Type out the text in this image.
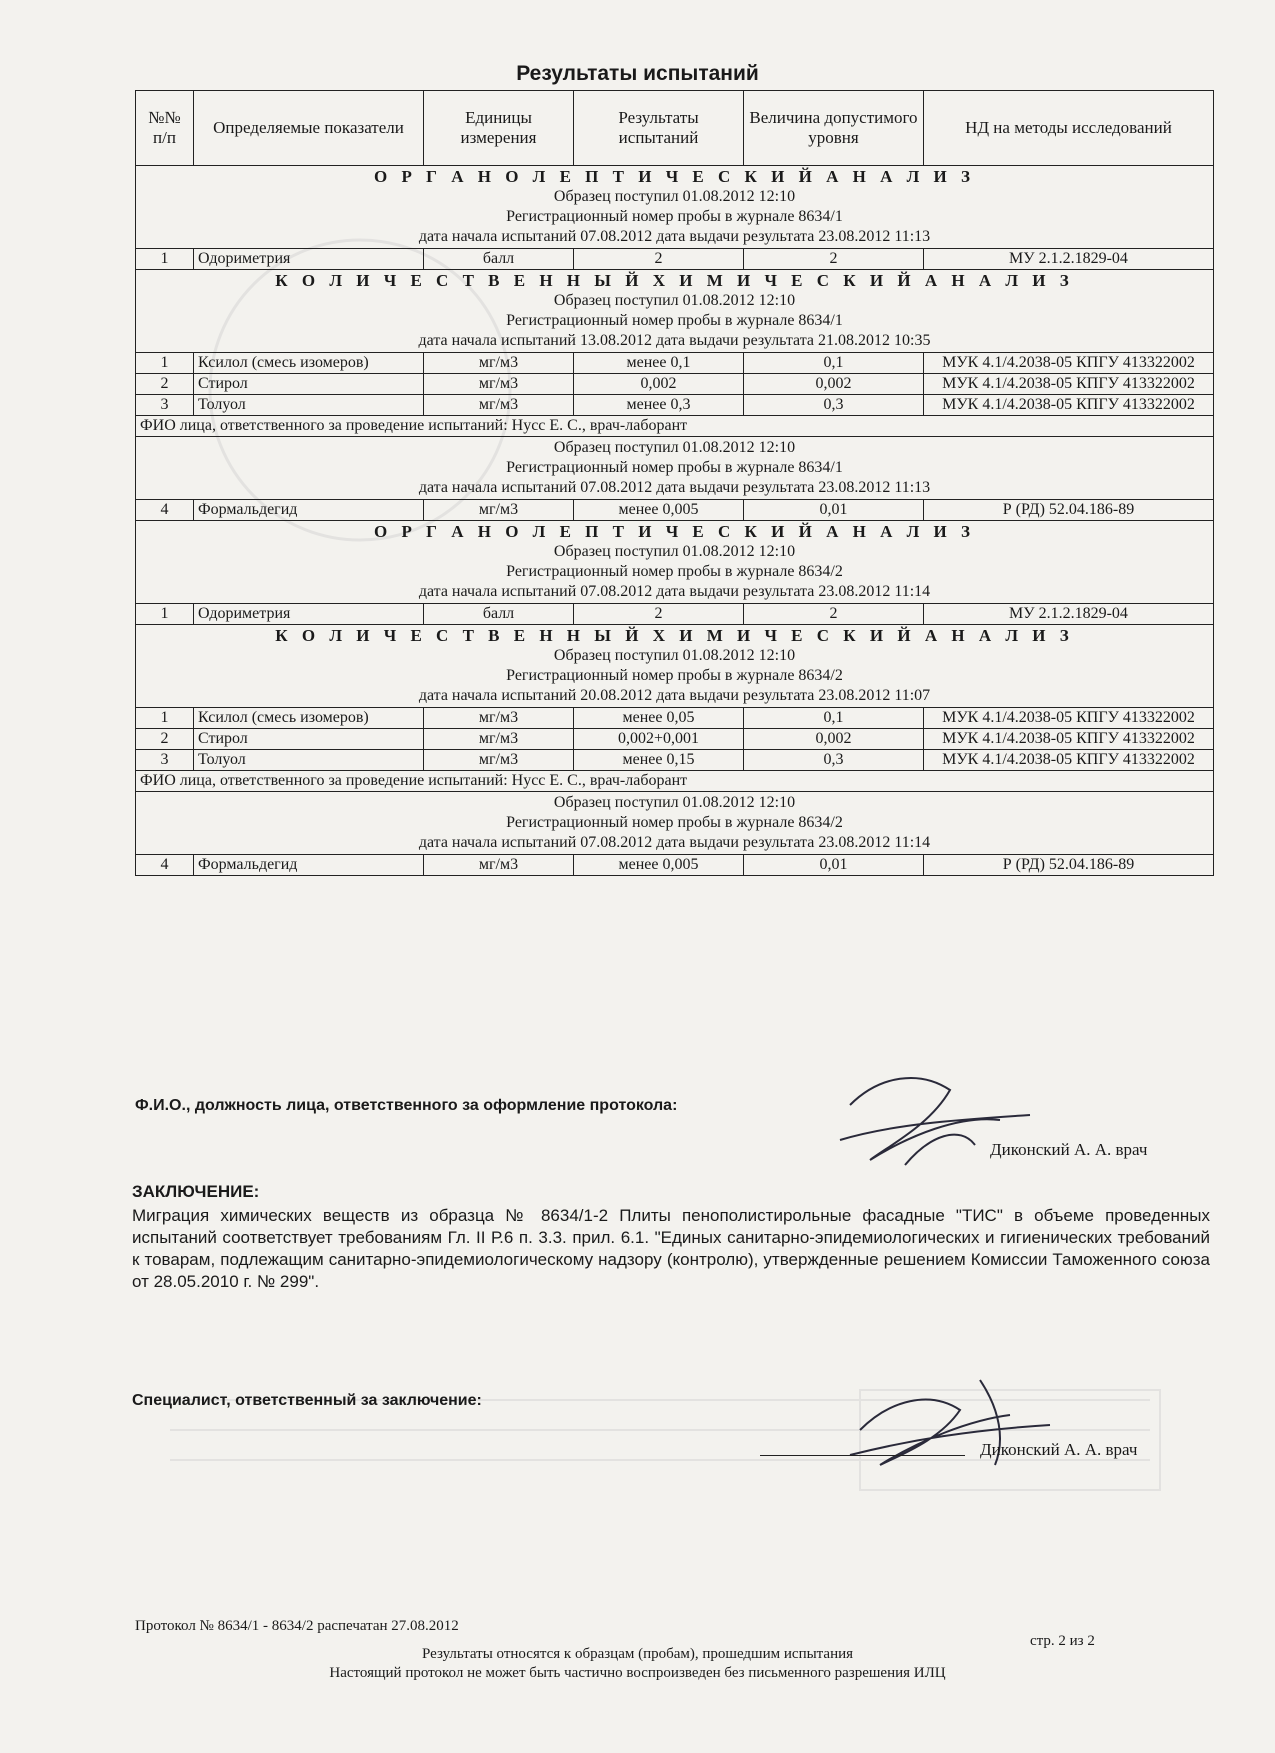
Результаты испытаний
№№ п/п	Определяемые показатели	Единицы измерения	Результаты испытаний	Величина допустимого уровня	НД на методы исследований

О Р Г А Н О Л Е П Т И Ч Е С К И Й А Н А Л И З
Образец поступил 01.08.2012 12:10
Регистрационный номер пробы в журнале 8634/1
дата начала испытаний 07.08.2012 дата выдачи результата 23.08.2012 11:13					

1	Одориметрия	балл	2	2	МУ 2.1.2.1829-04

К О Л И Ч Е С Т В Е Н Н Ы Й Х И М И Ч Е С К И Й А Н А Л И З
Образец поступил 01.08.2012 12:10
Регистрационный номер пробы в журнале 8634/1
дата начала испытаний 13.08.2012 дата выдачи результата 21.08.2012 10:35					

1	Ксилол (смесь изомеров)	мг/м3	менее 0,1	0,1	МУК 4.1/4.2038-05 КПГУ 413322002
2	Стирол	мг/м3	0,002	0,002	МУК 4.1/4.2038-05 КПГУ 413322002
3	Толуол	мг/м3	менее 0,3	0,3	МУК 4.1/4.2038-05 КПГУ 413322002
ФИО лица, ответственного за проведение испытаний: Нусс Е. С., врач-лаборант					

Образец поступил 01.08.2012 12:10
Регистрационный номер пробы в журнале 8634/1
дата начала испытаний 07.08.2012 дата выдачи результата 23.08.2012 11:13					

4	Формальдегид	мг/м3	менее 0,005	0,01	Р (РД) 52.04.186-89

О Р Г А Н О Л Е П Т И Ч Е С К И Й А Н А Л И З
Образец поступил 01.08.2012 12:10
Регистрационный номер пробы в журнале 8634/2
дата начала испытаний 07.08.2012 дата выдачи результата 23.08.2012 11:14					

1	Одориметрия	балл	2	2	МУ 2.1.2.1829-04

К О Л И Ч Е С Т В Е Н Н Ы Й Х И М И Ч Е С К И Й А Н А Л И З
Образец поступил 01.08.2012 12:10
Регистрационный номер пробы в журнале 8634/2
дата начала испытаний 20.08.2012 дата выдачи результата 23.08.2012 11:07					

1	Ксилол (смесь изомеров)	мг/м3	менее 0,05	0,1	МУК 4.1/4.2038-05 КПГУ 413322002
2	Стирол	мг/м3	0,002+0,001	0,002	МУК 4.1/4.2038-05 КПГУ 413322002
3	Толуол	мг/м3	менее 0,15	0,3	МУК 4.1/4.2038-05 КПГУ 413322002
ФИО лица, ответственного за проведение испытаний: Нусс Е. С., врач-лаборант					

Образец поступил 01.08.2012 12:10
Регистрационный номер пробы в журнале 8634/2
дата начала испытаний 07.08.2012 дата выдачи результата 23.08.2012 11:14					

4	Формальдегид	мг/м3	менее 0,005	0,01	Р (РД) 52.04.186-89
Ф.И.О., должность лица, ответственного за оформление протокола:
Диконский А. А. врач
ЗАКЛЮЧЕНИЕ:
Миграция химических веществ из образца № 8634/1-2 Плиты пенополистирольные фасадные "ТИС" в объеме проведенных испытаний соответствует требованиям Гл. II Р.6 п. 3.3. прил. 6.1. "Единых санитарно-эпидемиологических и гигиенических требований к товарам, подлежащим санитарно-эпидемиологическому надзору (контролю), утвержденные решением Комиссии Таможенного союза от 28.05.2010 г. № 299".
Специалист, ответственный за заключение:
Диконский А. А. врач
Протокол № 8634/1 - 8634/2 распечатан 27.08.2012
стр. 2 из 2
Результаты относятся к образцам (пробам), прошедшим испытания
Настоящий протокол не может быть частично воспроизведен без письменного разрешения ИЛЦ
